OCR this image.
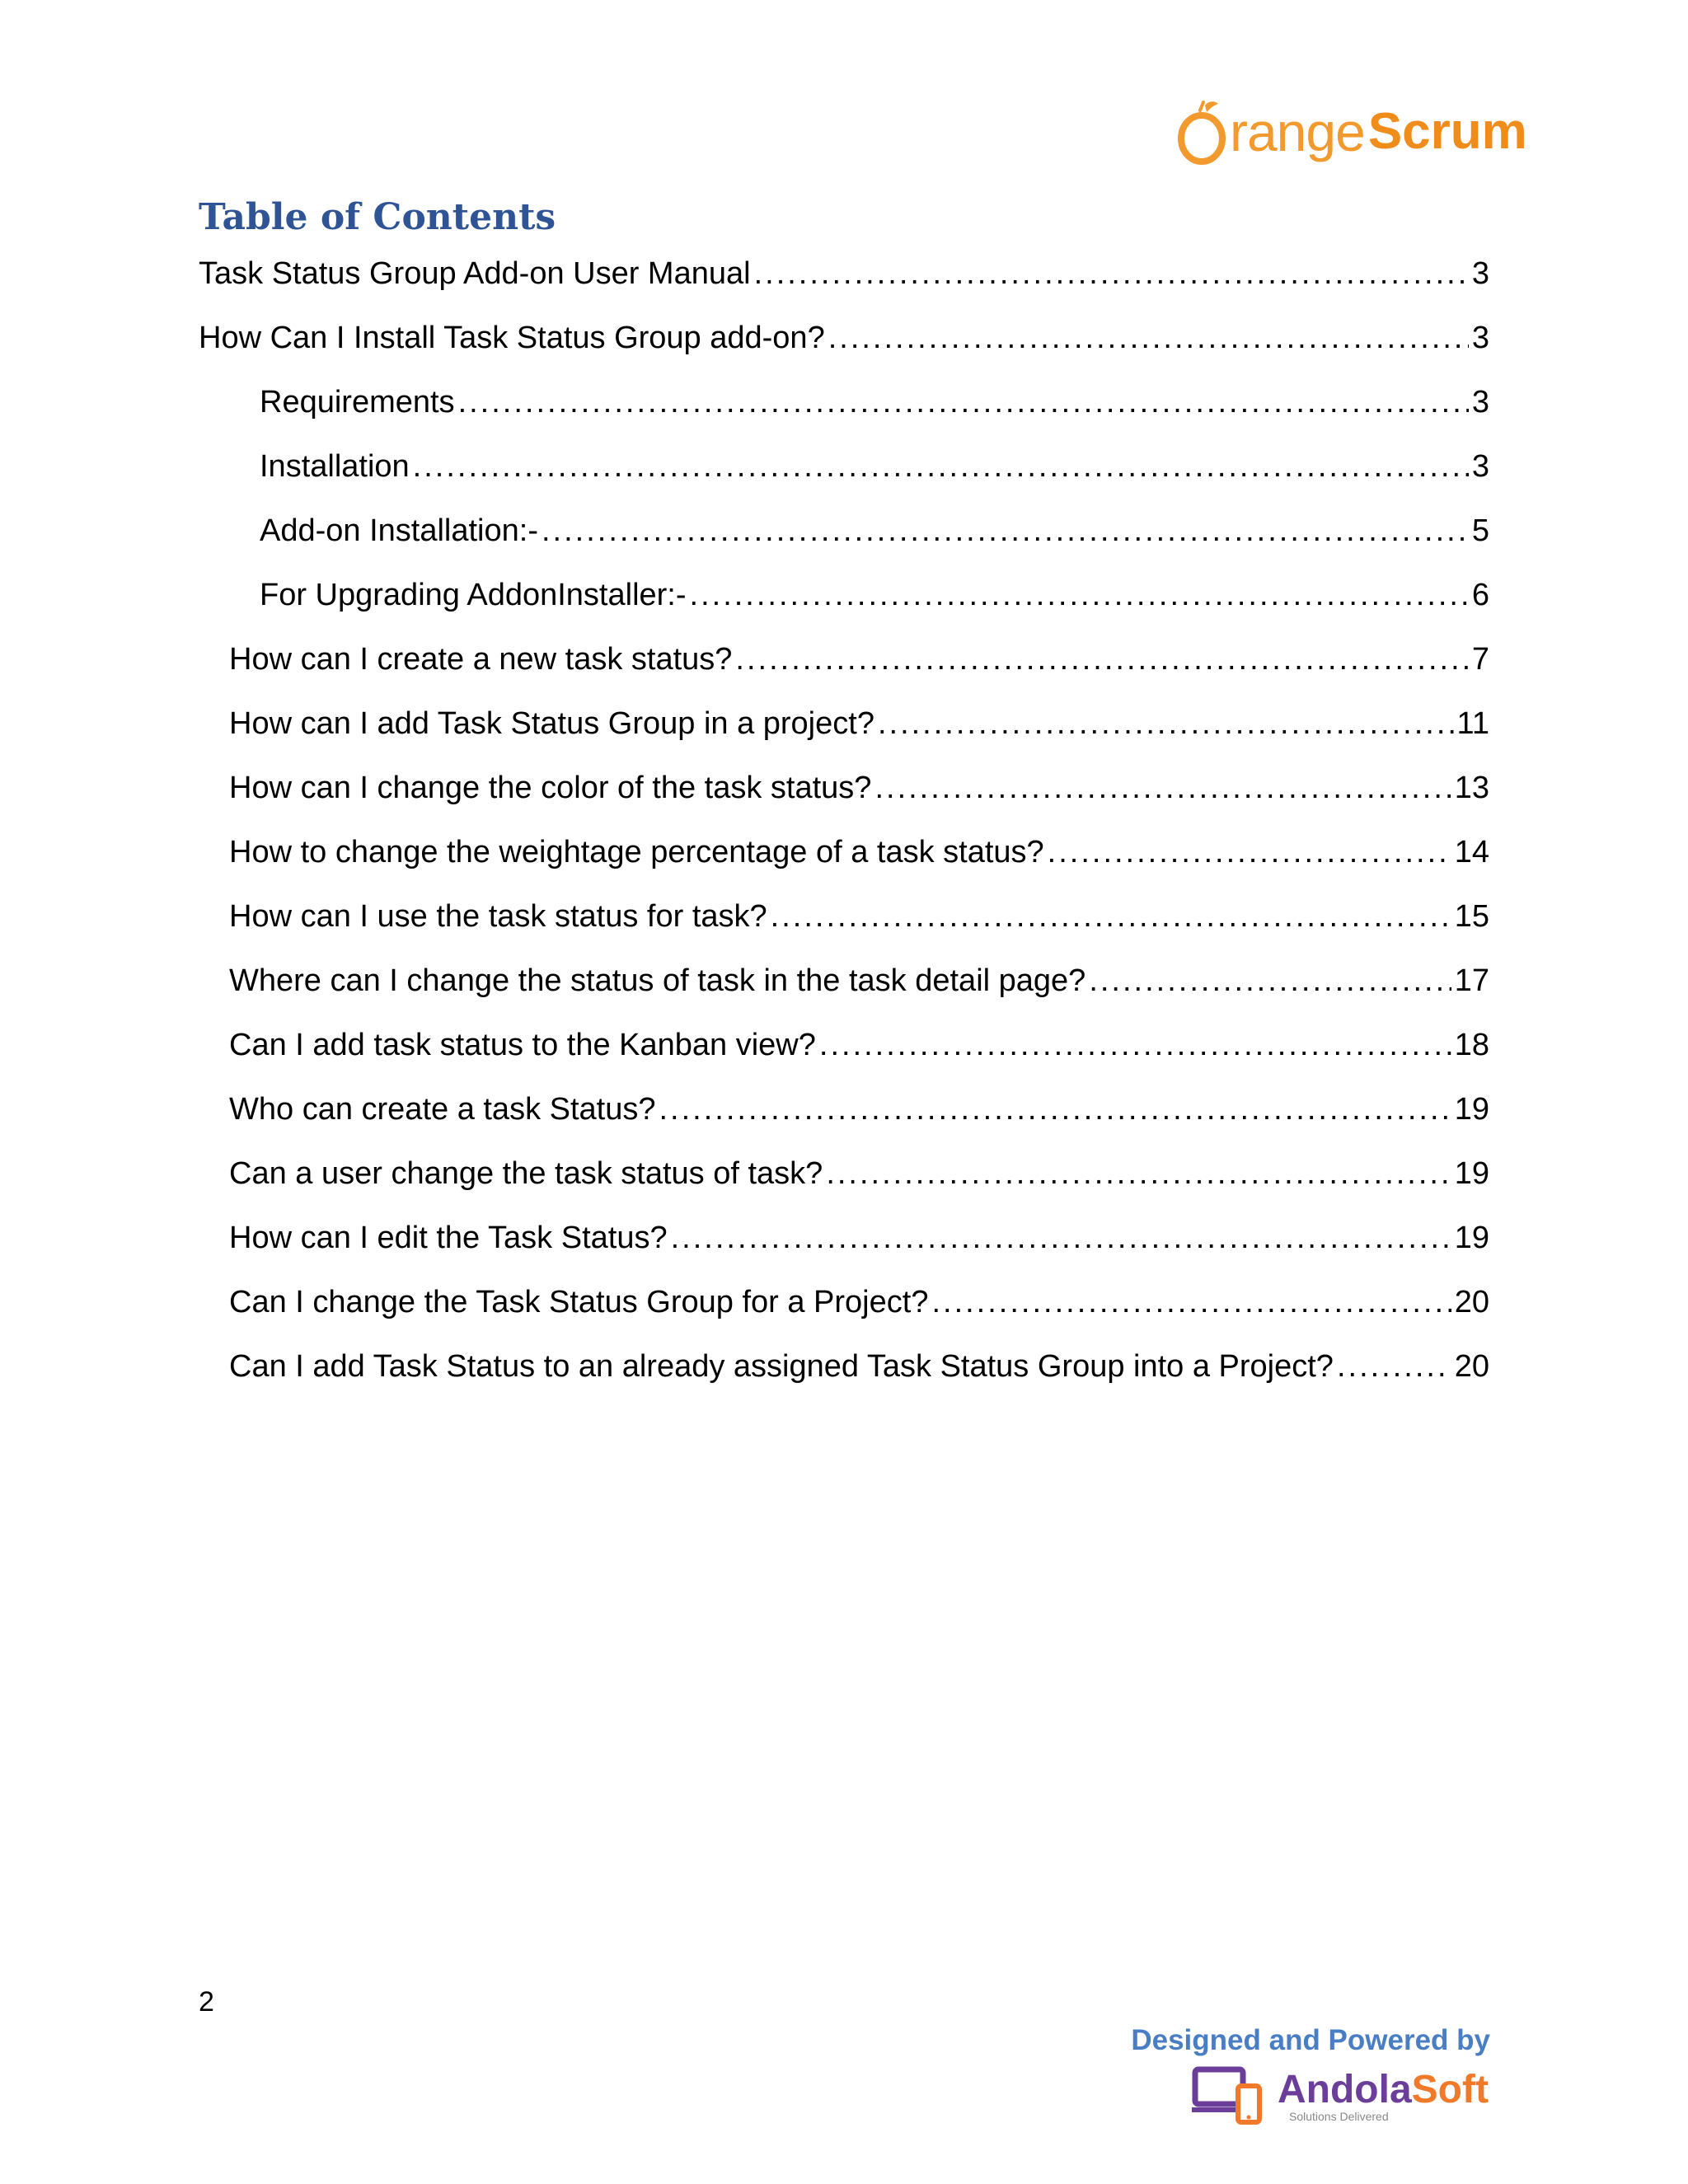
range Scrum
Table of Contents
Task Status Group Add-on User Manual .....	3
How Can I Install Task Status Group add-on? .....	3
Requirements .....	3
Installation .....	3
Add-on Installation:- .....	5
For Upgrading AddonInstaller:- .....	6
How can I create a new task status? .....	7
How can I add Task Status Group in a project? .....	11
How can I change the color of the task status? .....	13
How to change the weightage percentage of a task status? .....	14
How can I use the task status for task? .....	15
Where can I change the status of task in the task detail page? .....	17
Can I add task status to the Kanban view? .....	18
Who can create a task Status? .....	19
Can a user change the task status of task? .....	19
How can I edit the Task Status? .....	19
Can I change the Task Status Group for a Project? .....	20
Can I add Task Status to an already assigned Task Status Group into a Project? .....	20
2
Designed and Powered by
AndolaSoft
Solutions Delivered
